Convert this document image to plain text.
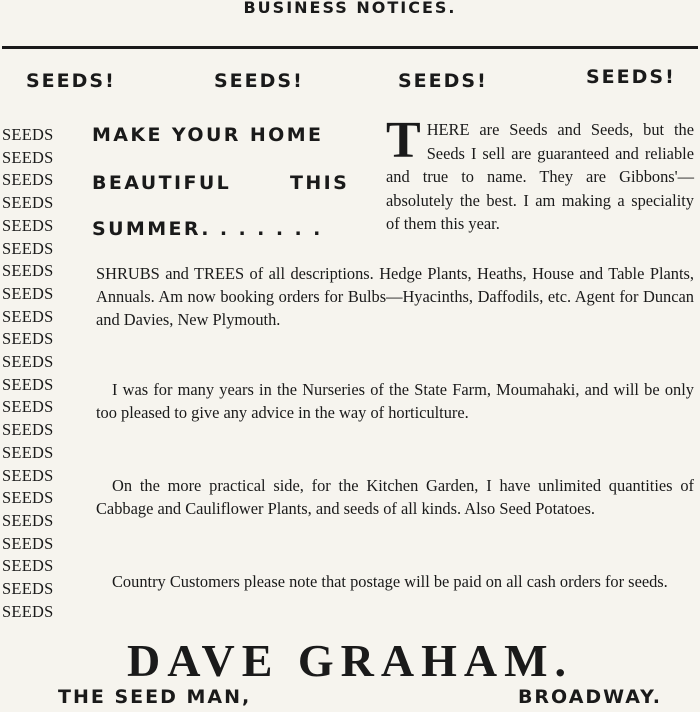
BUSINESS NOTICES.
SEEDS!	SEEDS!	SEEDS!	SEEDS!
SEEDS
SEEDS
SEEDS
SEEDS
SEEDS
SEEDS
SEEDS
SEEDS
SEEDS
SEEDS
SEEDS
SEEDS
SEEDS
SEEDS
SEEDS
SEEDS
SEEDS
SEEDS
SEEDS
SEEDS
SEEDS
SEEDS
MAKE YOUR HOME
BEAUTIFUL	THIS
SUMMER. . . . . . .
THERE are Seeds and Seeds, but the Seeds I sell are guaranteed and reliable and true to name. They are Gibbons'—absolutely the best. I am making a speciality of them this year.

SHRUBS and TREES of all descriptions. Hedge Plants, Heaths, House and Table Plants, Annuals. Am now booking orders for Bulbs—Hyacinths, Daffodils, etc. Agent for Duncan and Davies, New Plymouth.

I was for many years in the Nurseries of the State Farm, Moumahaki, and will be only too pleased to give any advice in the way of horticulture.

On the more practical side, for the Kitchen Garden, I have unlimited quantities of Cabbage and Cauliflower Plants, and seeds of all kinds. Also Seed Potatoes.

Country Customers please note that postage will be paid on all cash orders for seeds.

DAVE GRAHAM.
THE SEED MAN,	BROADWAY.
